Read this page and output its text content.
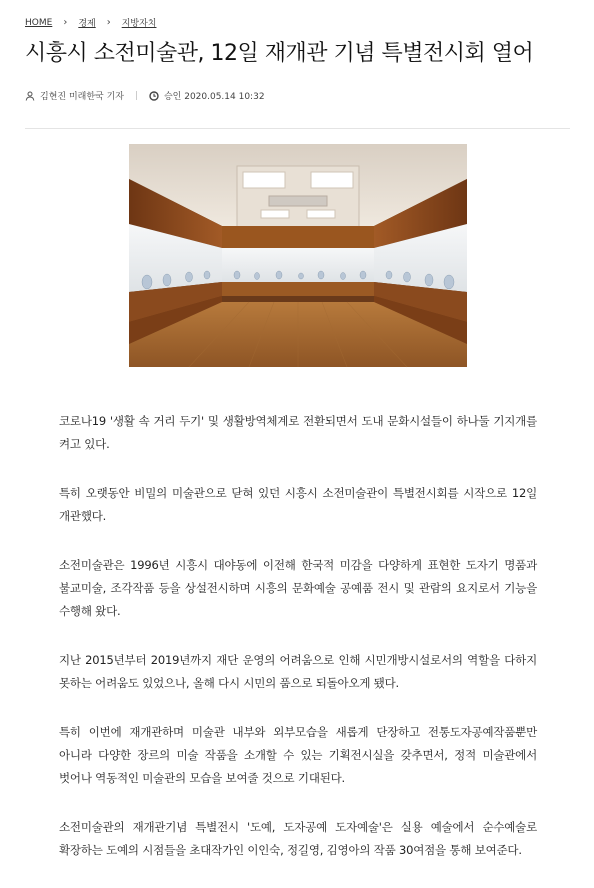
HOME › 경제 › 지방자치
시흥시 소전미술관, 12일 재개관 기념 특별전시회 열어
김현진 미래한국 기자	승인 2020.05.14 10:32

코로나19 '생활 속 거리 두기' 및 생활방역체계로 전환되면서 도내 문화시설들이 하나둘 기지개를 켜고 있다.

특히 오랫동안 비밀의 미술관으로 닫혀 있던 시흥시 소전미술관이 특별전시회를 시작으로 12일 개관했다.

소전미술관은 1996년 시흥시 대야동에 이전해 한국적 미감을 다양하게 표현한 도자기 명품과 불교미술, 조각작품 등을 상설전시하며 시흥의 문화예술 공예품 전시 및 관람의 요지로서 기능을 수행해 왔다.

지난 2015년부터 2019년까지 재단 운영의 어려움으로 인해 시민개방시설로서의 역할을 다하지 못하는 어려움도 있었으나, 올해 다시 시민의 품으로 되돌아오게 됐다.

특히 이번에 재개관하며 미술관 내부와 외부모습을 새롭게 단장하고 전통도자공예작품뿐만 아니라 다양한 장르의 미술 작품을 소개할 수 있는 기획전시실을 갖추면서, 정적 미술관에서 벗어나 역동적인 미술관의 모습을 보여줄 것으로 기대된다.

소전미술관의 재개관기념 특별전시 '도예, 도자공예 도자예술'은 실용 예술에서 순수예술로 확장하는 도예의 시점들을 초대작가인 이인숙, 정길영, 김영아의 작품 30여점을 통해 보여준다.
